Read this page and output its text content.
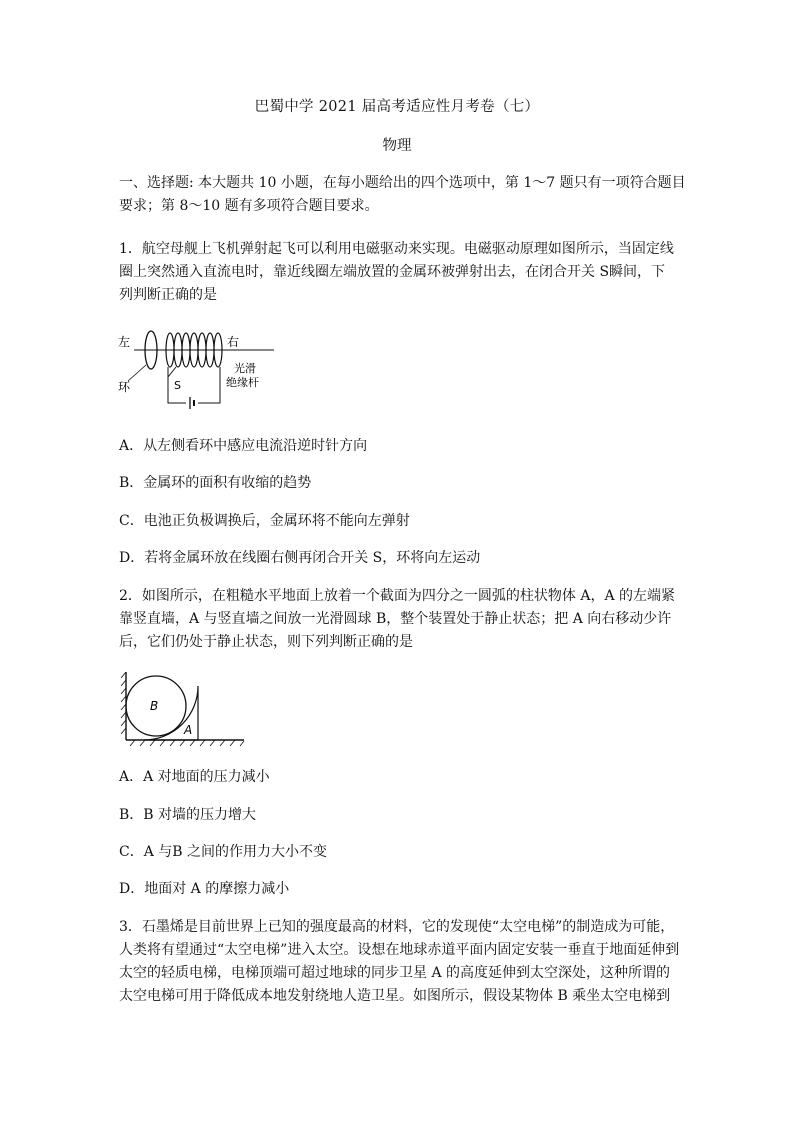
巴蜀中学 2021 届高考适应性月考卷（七）
物理
一、选择题: 本大题共 10 小题，在每小题给出的四个选项中，第 1～7 题只有一项符合题目
要求；第 8～10 题有多项符合题目要求。
1．航空母舰上飞机弹射起飞可以利用电磁驱动来实现。电磁驱动原理如图所示，当固定线
圈上突然通入直流电时，靠近线圈左端放置的金属环被弹射出去，在闭合开关 S瞬间，下
列判断正确的是
左	右
环	S
光滑
绝缘杆
A．从左侧看环中感应电流沿逆时针方向
B．金属环的面积有收缩的趋势
C．电池正负极调换后，金属环将不能向左弹射
D．若将金属环放在线圈右侧再闭合开关 S，环将向左运动
2．如图所示，在粗糙水平地面上放着一个截面为四分之一圆弧的柱状物体 A，A 的左端紧
靠竖直墙，A 与竖直墙之间放一光滑圆球 B，整个装置处于静止状态；把 A 向右移动少许
后，它们仍处于静止状态，则下列判断正确的是
B
A
A．A 对地面的压力减小
B．B 对墙的压力增大
C．A 与B 之间的作用力大小不变
D．地面对 A 的摩擦力减小
3．石墨烯是目前世界上已知的强度最高的材料，它的发现使“太空电梯”的制造成为可能，
人类将有望通过“太空电梯”进入太空。设想在地球赤道平面内固定安装一垂直于地面延伸到
太空的轻质电梯，电梯顶端可超过地球的同步卫星 A 的高度延伸到太空深处，这种所谓的
太空电梯可用于降低成本地发射绕地人造卫星。如图所示，假设某物体 B 乘坐太空电梯到
